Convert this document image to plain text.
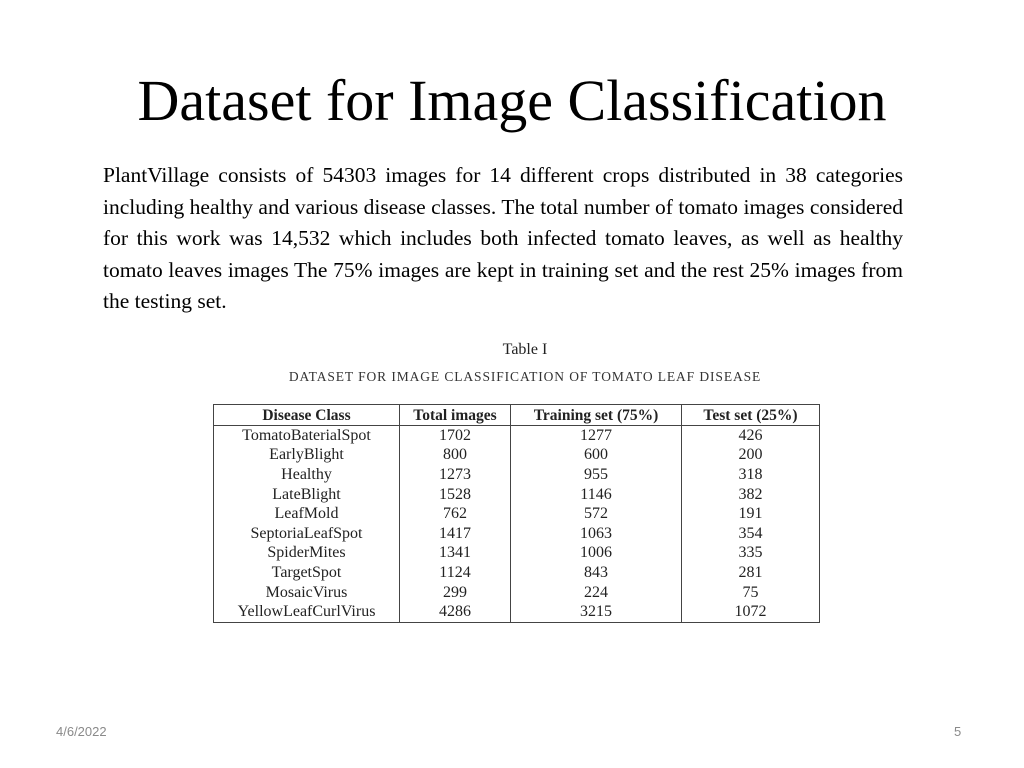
Dataset for Image Classification

PlantVillage consists of 54303 images for 14 different crops distributed in 38 categories including healthy and various disease classes. The total number of tomato images considered for this work was 14,532 which includes both infected tomato leaves, as well as healthy tomato leaves images The 75% images are kept in training set and the rest 25% images from the testing set.

Table I
DATASET FOR IMAGE CLASSIFICATION OF TOMATO LEAF DISEASE
Disease Class	Total images	Training set (75%)	Test set (25%)
TomatoBaterialSpot	1702	1277	426
EarlyBlight	800	600	200
Healthy	1273	955	318
LateBlight	1528	1146	382
LeafMold	762	572	191
SeptoriaLeafSpot	1417	1063	354
SpiderMites	1341	1006	335
TargetSpot	1124	843	281
MosaicVirus	299	224	75
YellowLeafCurlVirus	4286	3215	1072
4/6/2022	5
